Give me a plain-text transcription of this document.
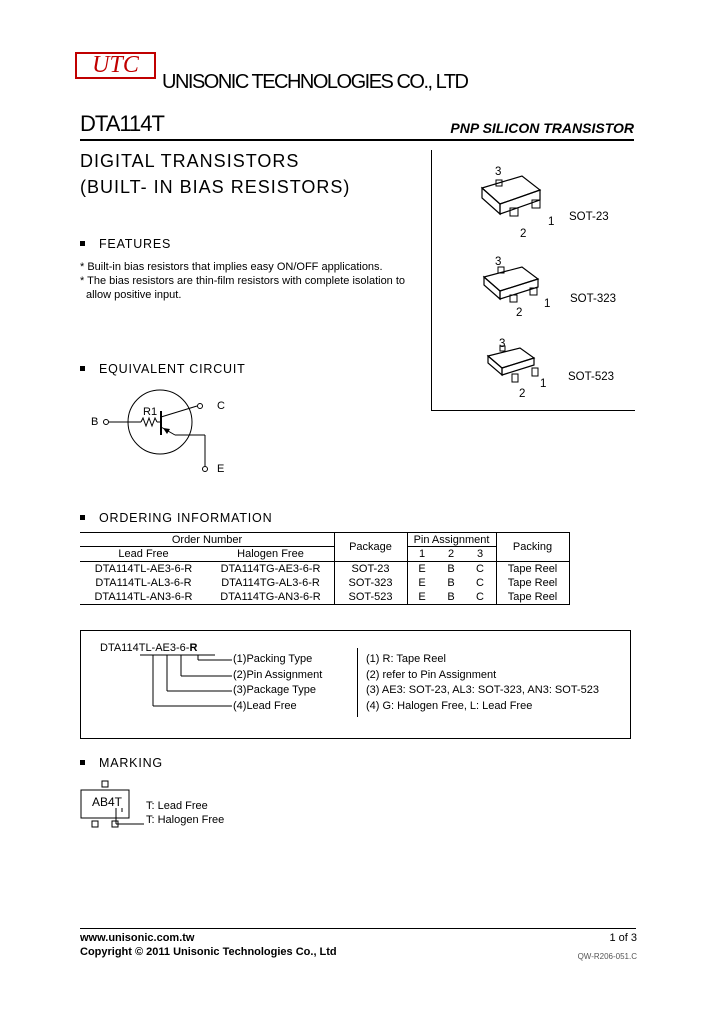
UTC
UNISONIC TECHNOLOGIES CO., LTD
DTA114T	PNP SILICON TRANSISTOR
DIGITAL TRANSISTORS
(BUILT- IN BIAS RESISTORS)
FEATURES
* Built-in bias resistors that implies easy ON/OFF applications.
* The bias resistors are thin-film resistors with complete isolation to
allow positive input.
3
2
1 SOT-23
3
2
1 SOT-323
3
2
1
SOT-523
EQUIVALENT CIRCUIT
R1
B
C
E
ORDERING INFORMATION
Order Number
Lead Free	Halogen Free
Package
Pin Assignment
1	2	3
Packing
DTA114TL-AE3-6-R	DTA114TG-AE3-6-R	SOT-23	E	B	C	Tape Reel
DTA114TL-AL3-6-R	DTA114TG-AL3-6-R	SOT-323	E	B	C	Tape Reel
DTA114TL-AN3-6-R	DTA114TG-AN3-6-R	SOT-523	E	B	C	Tape Reel
DTA114TL-AE3-6-R
(1)Packing Type
(2)Pin Assignment
(3)Package Type
(4)Lead Free
(1) R: Tape Reel
(2) refer to Pin Assignment
(3) AE3: SOT-23, AL3: SOT-323, AN3: SOT-523
(4) G: Halogen Free, L: Lead Free
MARKING
AB4T T: Lead Free
T: Halogen Free
www.unisonic.com.tw
Copyright © 2011 Unisonic Technologies Co., Ltd
1 of 3
QW-R206-051.C
